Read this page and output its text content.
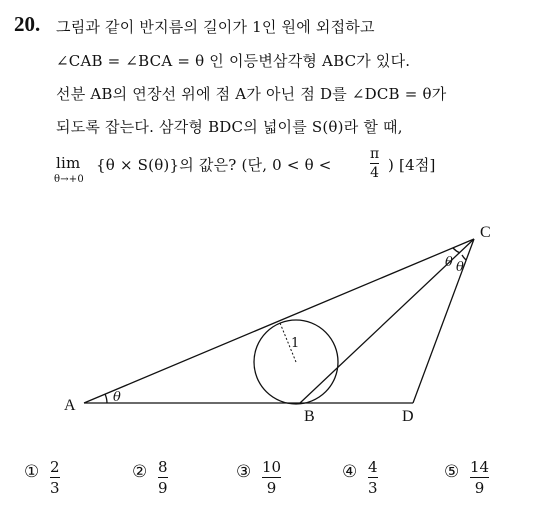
20. 그림과 같이 반지름의 길이가 1인 원에 외접하고
∠CAB = ∠BCA = θ 인 이등변삼각형 ABC가 있다.
선분 AB의 연장선 위에 점 A가 아닌 점 D를 ∠DCB = θ가
되도록 잡는다. 삼각형 BDC의 넓이를 S(θ)라 할 때,
lim
θ→+0
{θ × S(θ)}의 값은? (단, 0 < θ <
π
4 ) [4점]
A
B
C
D
θ
θ θ
1
① 2
3
② 8
9
③ 10
9
④ 4
3
⑤ 14
9
